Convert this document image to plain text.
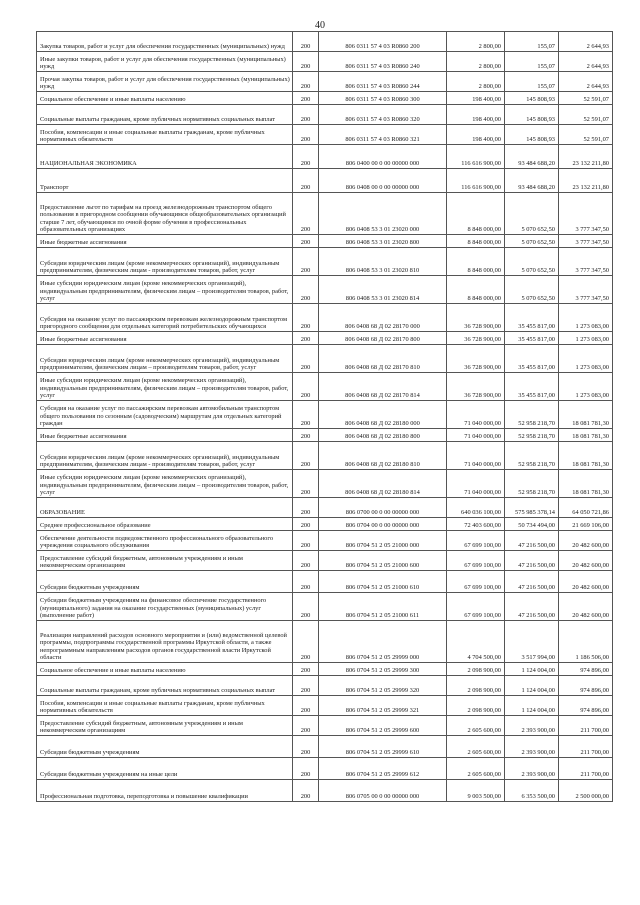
40
Закупка товаров, работ и услуг для обеспечения государственных (муниципальных) нужд	200	806 0311 57 4 03 R0860 200	2 800,00	155,07	2 644,93
Иные закупки товаров, работ и услуг для обеспечения государственных (муниципальных) нужд	200	806 0311 57 4 03 R0860 240	2 800,00	155,07	2 644,93
Прочая закупка товаров, работ и услуг для обеспечения государственных (муниципальных) нужд	200	806 0311 57 4 03 R0860 244	2 800,00	155,07	2 644,93
Социальное обеспечение и иные выплаты населению	200	806 0311 57 4 03 R0860 300	198 400,00	145 808,93	52 591,07
Социальные выплаты гражданам, кроме публичных нормативных социальных выплат	200	806 0311 57 4 03 R0860 320	198 400,00	145 808,93	52 591,07
Пособия, компенсации и иные социальные выплаты гражданам, кроме публичных нормативных обязательств	200	806 0311 57 4 03 R0860 321	198 400,00	145 808,93	52 591,07
НАЦИОНАЛЬНАЯ ЭКОНОМИКА	200	806 0400 00 0 00 00000 000	116 616 900,00	93 484 688,20	23 132 211,80
Транспорт	200	806 0408 00 0 00 00000 000	116 616 900,00	93 484 688,20	23 132 211,80
Предоставление льгот по тарифам на проезд железнодорожным транспортом общего пользования в пригородном сообщении обучающимся общеобразовательных организаций старше 7 лет, обучающимся по очной форме обучения в профессиональных образовательных организациях	200	806 0408 53 3 01 23020 000	8 848 000,00	5 070 652,50	3 777 347,50
Иные бюджетные ассигнования	200	806 0408 53 3 01 23020 800	8 848 000,00	5 070 652,50	3 777 347,50
Субсидии юридическим лицам (кроме некоммерческих организаций), индивидуальным предпринимателям, физическим лицам - производителям товаров, работ, услуг	200	806 0408 53 3 01 23020 810	8 848 000,00	5 070 652,50	3 777 347,50
Иные субсидии юридическим лицам (кроме некоммерческих организаций), индивидуальным предпринимателям, физическим лицам – производителям товаров, работ, услуг	200	806 0408 53 3 01 23020 814	8 848 000,00	5 070 652,50	3 777 347,50
Субсидия на оказание услуг по пассажирским перевозкам железнодорожным транспортом пригородного сообщения для отдельных категорий потребительских обучающихся	200	806 0408 68 Д 02 28170 000	36 728 900,00	35 455 817,00	1 273 083,00
Иные бюджетные ассигнования	200	806 0408 68 Д 02 28170 800	36 728 900,00	35 455 817,00	1 273 083,00
Субсидии юридическим лицам (кроме некоммерческих организаций), индивидуальным предпринимателям, физическим лицам – производителям товаров, работ, услуг	200	806 0408 68 Д 02 28170 810	36 728 900,00	35 455 817,00	1 273 083,00
Иные субсидии юридическим лицам (кроме некоммерческих организаций), индивидуальным предпринимателям, физическим лицам – производителям товаров, работ, услуг	200	806 0408 68 Д 02 28170 814	36 728 900,00	35 455 817,00	1 273 083,00
Субсидия на оказание услуг по пассажирским перевозкам автомобильным транспортом общего пользования по сезонным (садоводческим) маршрутам для отдельных категорий граждан	200	806 0408 68 Д 02 28180 000	71 040 000,00	52 958 218,70	18 081 781,30
Иные бюджетные ассигнования	200	806 0408 68 Д 02 28180 800	71 040 000,00	52 958 218,70	18 081 781,30
Субсидии юридическим лицам (кроме некоммерческих организаций), индивидуальным предпринимателям, физическим лицам - производителям товаров, работ, услуг	200	806 0408 68 Д 02 28180 810	71 040 000,00	52 958 218,70	18 081 781,30
Иные субсидии юридическим лицам (кроме некоммерческих организаций), индивидуальным предпринимателям, физическим лицам – производителям товаров, работ, услуг	200	806 0408 68 Д 02 28180 814	71 040 000,00	52 958 218,70	18 081 781,30
ОБРАЗОВАНИЕ	200	806 0700 00 0 00 00000 000	640 036 100,00	575 985 378,14	64 050 721,86
Среднее профессиональное образование	200	806 0704 00 0 00 00000 000	72 403 600,00	50 734 494,00	21 669 106,00
Обеспечение деятельности подведомственного профессионального образовательного учреждения социального обслуживания	200	806 0704 51 2 05 21000 000	67 699 100,00	47 216 500,00	20 482 600,00
Предоставление субсидий бюджетным, автономным учреждениям и иным некоммерческим организациям	200	806 0704 51 2 05 21000 600	67 699 100,00	47 216 500,00	20 482 600,00
Субсидии бюджетным учреждениям	200	806 0704 51 2 05 21000 610	67 699 100,00	47 216 500,00	20 482 600,00
Субсидии бюджетным учреждениям на финансовое обеспечение государственного (муниципального) задания на оказание государственных (муниципальных) услуг (выполнение работ)	200	806 0704 51 2 05 21000 611	67 699 100,00	47 216 500,00	20 482 600,00
Реализация направлений расходов основного мероприятия и (или) ведомственной целевой программы, подпрограммы государственной программы Иркутской области, а также непрограммным направлениям расходов органов государственной власти Иркутской области	200	806 0704 51 2 05 29999 000	4 704 500,00	3 517 994,00	1 186 506,00
Социальное обеспечение и иные выплаты населению	200	806 0704 51 2 05 29999 300	2 098 900,00	1 124 004,00	974 896,00
Социальные выплаты гражданам, кроме публичных нормативных социальных выплат	200	806 0704 51 2 05 29999 320	2 098 900,00	1 124 004,00	974 896,00
Пособия, компенсации и иные социальные выплаты гражданам, кроме публичных нормативных обязательств	200	806 0704 51 2 05 29999 321	2 098 900,00	1 124 004,00	974 896,00
Предоставление субсидий бюджетным, автономным учреждениям и иным некоммерческим организациям	200	806 0704 51 2 05 29999 600	2 605 600,00	2 393 900,00	211 700,00
Субсидии бюджетным учреждениям	200	806 0704 51 2 05 29999 610	2 605 600,00	2 393 900,00	211 700,00
Субсидии бюджетным учреждениям на иные цели	200	806 0704 51 2 05 29999 612	2 605 600,00	2 393 900,00	211 700,00
Профессиональная подготовка, переподготовка и повышение квалификации	200	806 0705 00 0 00 00000 000	9 003 500,00	6 353 500,00	2 500 000,00
